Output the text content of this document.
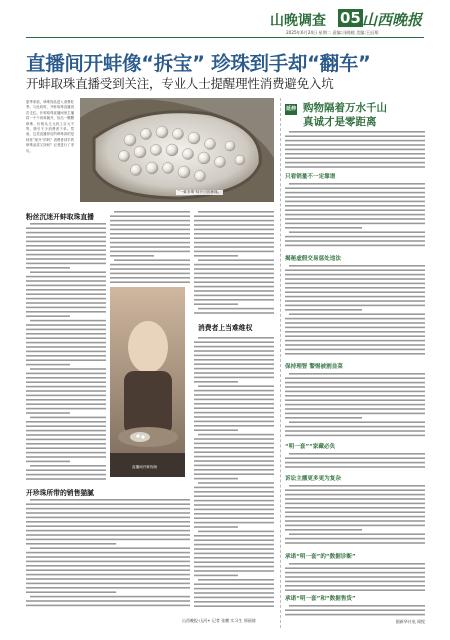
山晚调查 05 山西晚报
2025年6月24日 星期二 责编:冯晓媛 美编:王辰翔
直播间开蚌像“拆宝” 珍珠到手却“翻车”
开蚌取珠直播受到关注，专业人士提醒理性消费避免入坑
夏季来临，珍珠饰品进入消费旺季。与此同时，开蚌取珠直播再次走红。开蚌取珠直播间里主播将一个个河蚌撬开，捡出一颗颗珍珠，价格从几元到上百元不等，吸引不少消费者下单。然而，这类直播背后的珍珠真的是蚌里“现开”的吗？消费者到手的珍珠品质又如何？记者进行了采访。
“一蚌多珠”蚌开出的珍珠。
粉丝沉迷开蚌取珠直播
开珍珠所带的销售猫腻
直播间开蚌现场
消费者上当难维权
山西晚报·山河+ 记者 张鹏 实习生 郭丽倩
延伸 购物隔着万水千山
真诚才是零距离
只看销量不一定靠谱
揭秘虚假交易惩处违法
保持理智 警惕被割韭菜
“明一套”“家藏必负
诉讼主播更多更为复杂
承诺“明一套”的“数据诊断”
承诺“明一套”和“数据售货”
据新华社电 闻悦
